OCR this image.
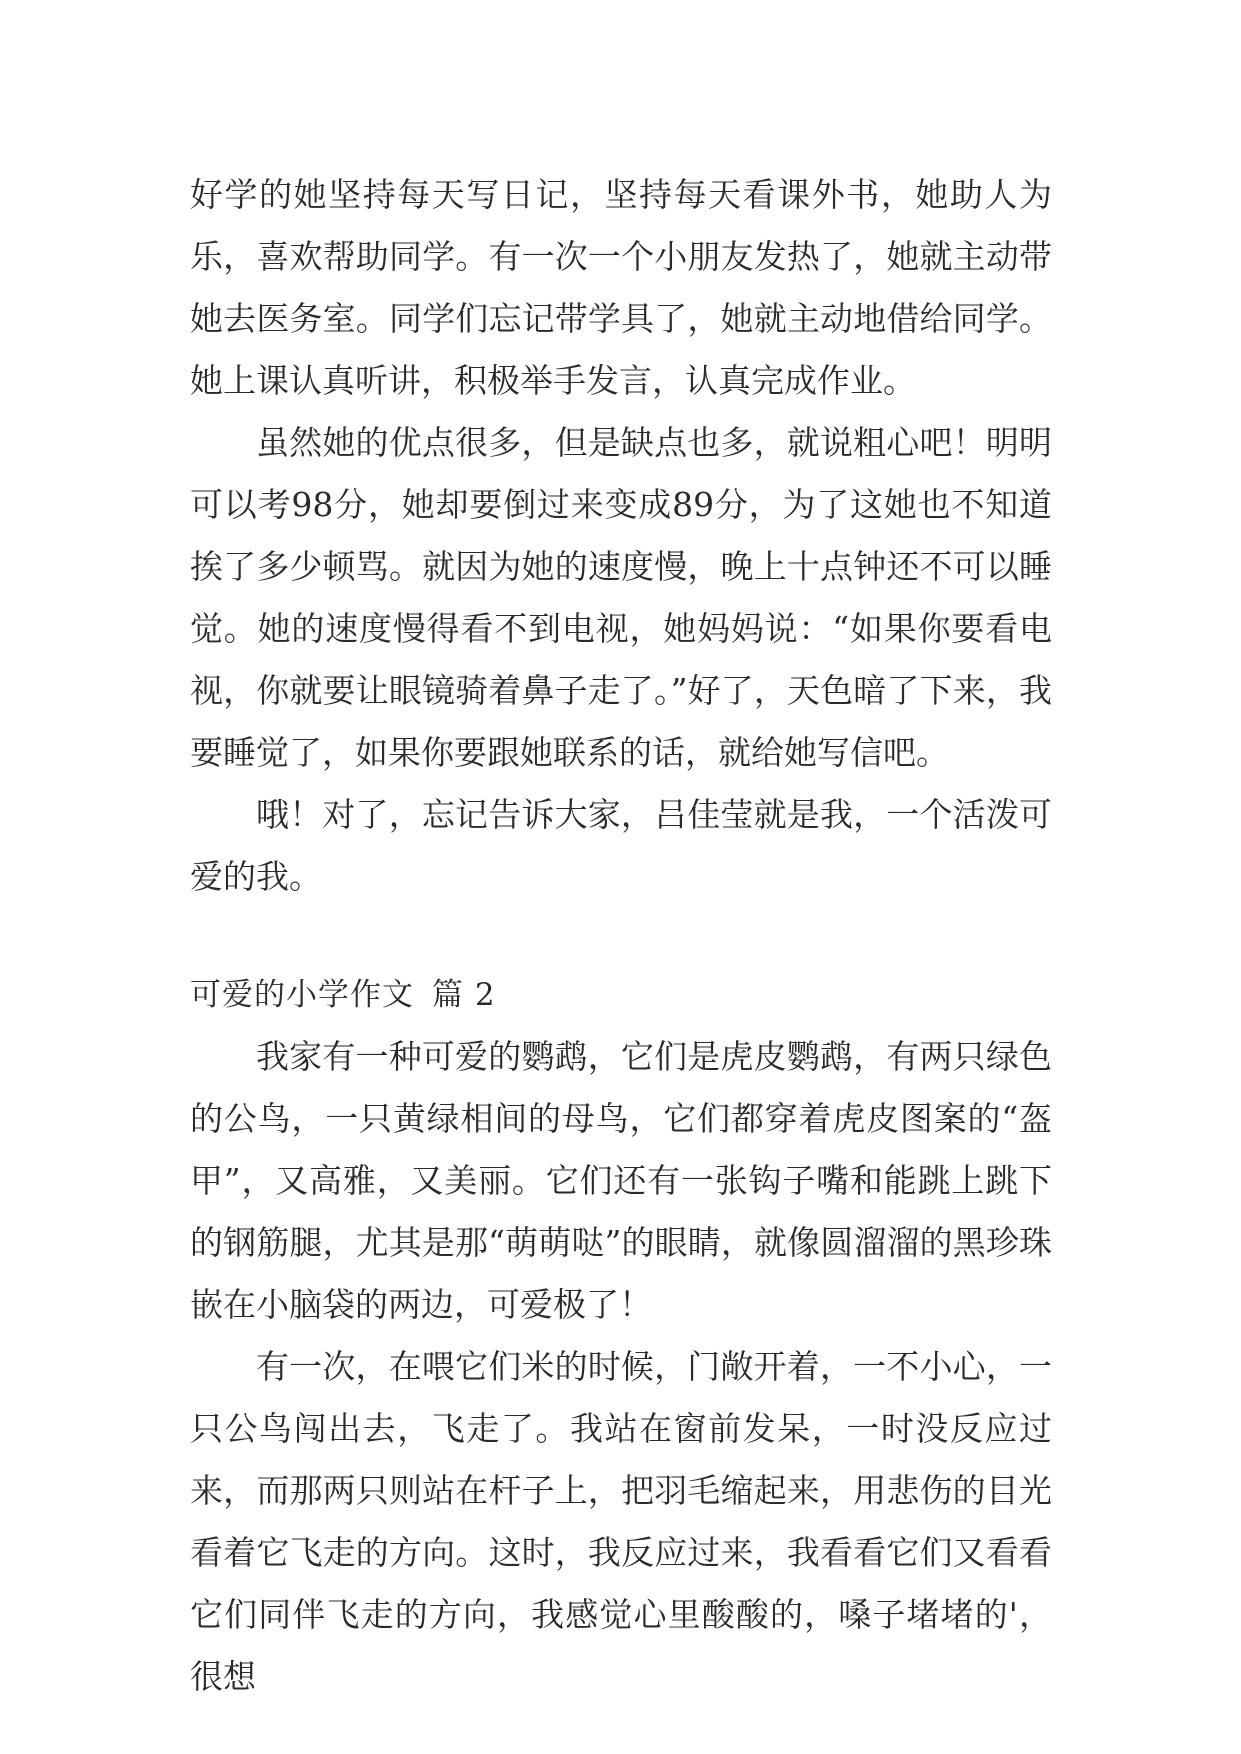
好学的她坚持每天写日记，坚持每天看课外书，她助人为乐，喜欢帮助同学。有一次一个小朋友发热了，她就主动带她去医务室。同学们忘记带学具了，她就主动地借给同学。她上课认真听讲，积极举手发言，认真完成作业。

虽然她的优点很多，但是缺点也多，就说粗心吧！明明可以考98分，她却要倒过来变成89分，为了这她也不知道挨了多少顿骂。就因为她的速度慢，晚上十点钟还不可以睡觉。她的速度慢得看不到电视，她妈妈说：“如果你要看电视，你就要让眼镜骑着鼻子走了。”好了，天色暗了下来，我要睡觉了，如果你要跟她联系的话，就给她写信吧。

哦！对了，忘记告诉大家，吕佳莹就是我，一个活泼可爱的我。

可爱的小学作文 篇 2

我家有一种可爱的鹦鹉，它们是虎皮鹦鹉，有两只绿色的公鸟，一只黄绿相间的母鸟，它们都穿着虎皮图案的“盔甲”，又高雅，又美丽。它们还有一张钩子嘴和能跳上跳下的钢筋腿，尤其是那“萌萌哒”的眼睛，就像圆溜溜的黑珍珠嵌在小脑袋的两边，可爱极了！

有一次，在喂它们米的时候，门敞开着，一不小心，一只公鸟闯出去，飞走了。我站在窗前发呆，一时没反应过来，而那两只则站在杆子上，把羽毛缩起来，用悲伤的目光看着它飞走的方向。这时，我反应过来，我看看它们又看看它们同伴飞走的方向，我感觉心里酸酸的，嗓子堵堵的'，很想
